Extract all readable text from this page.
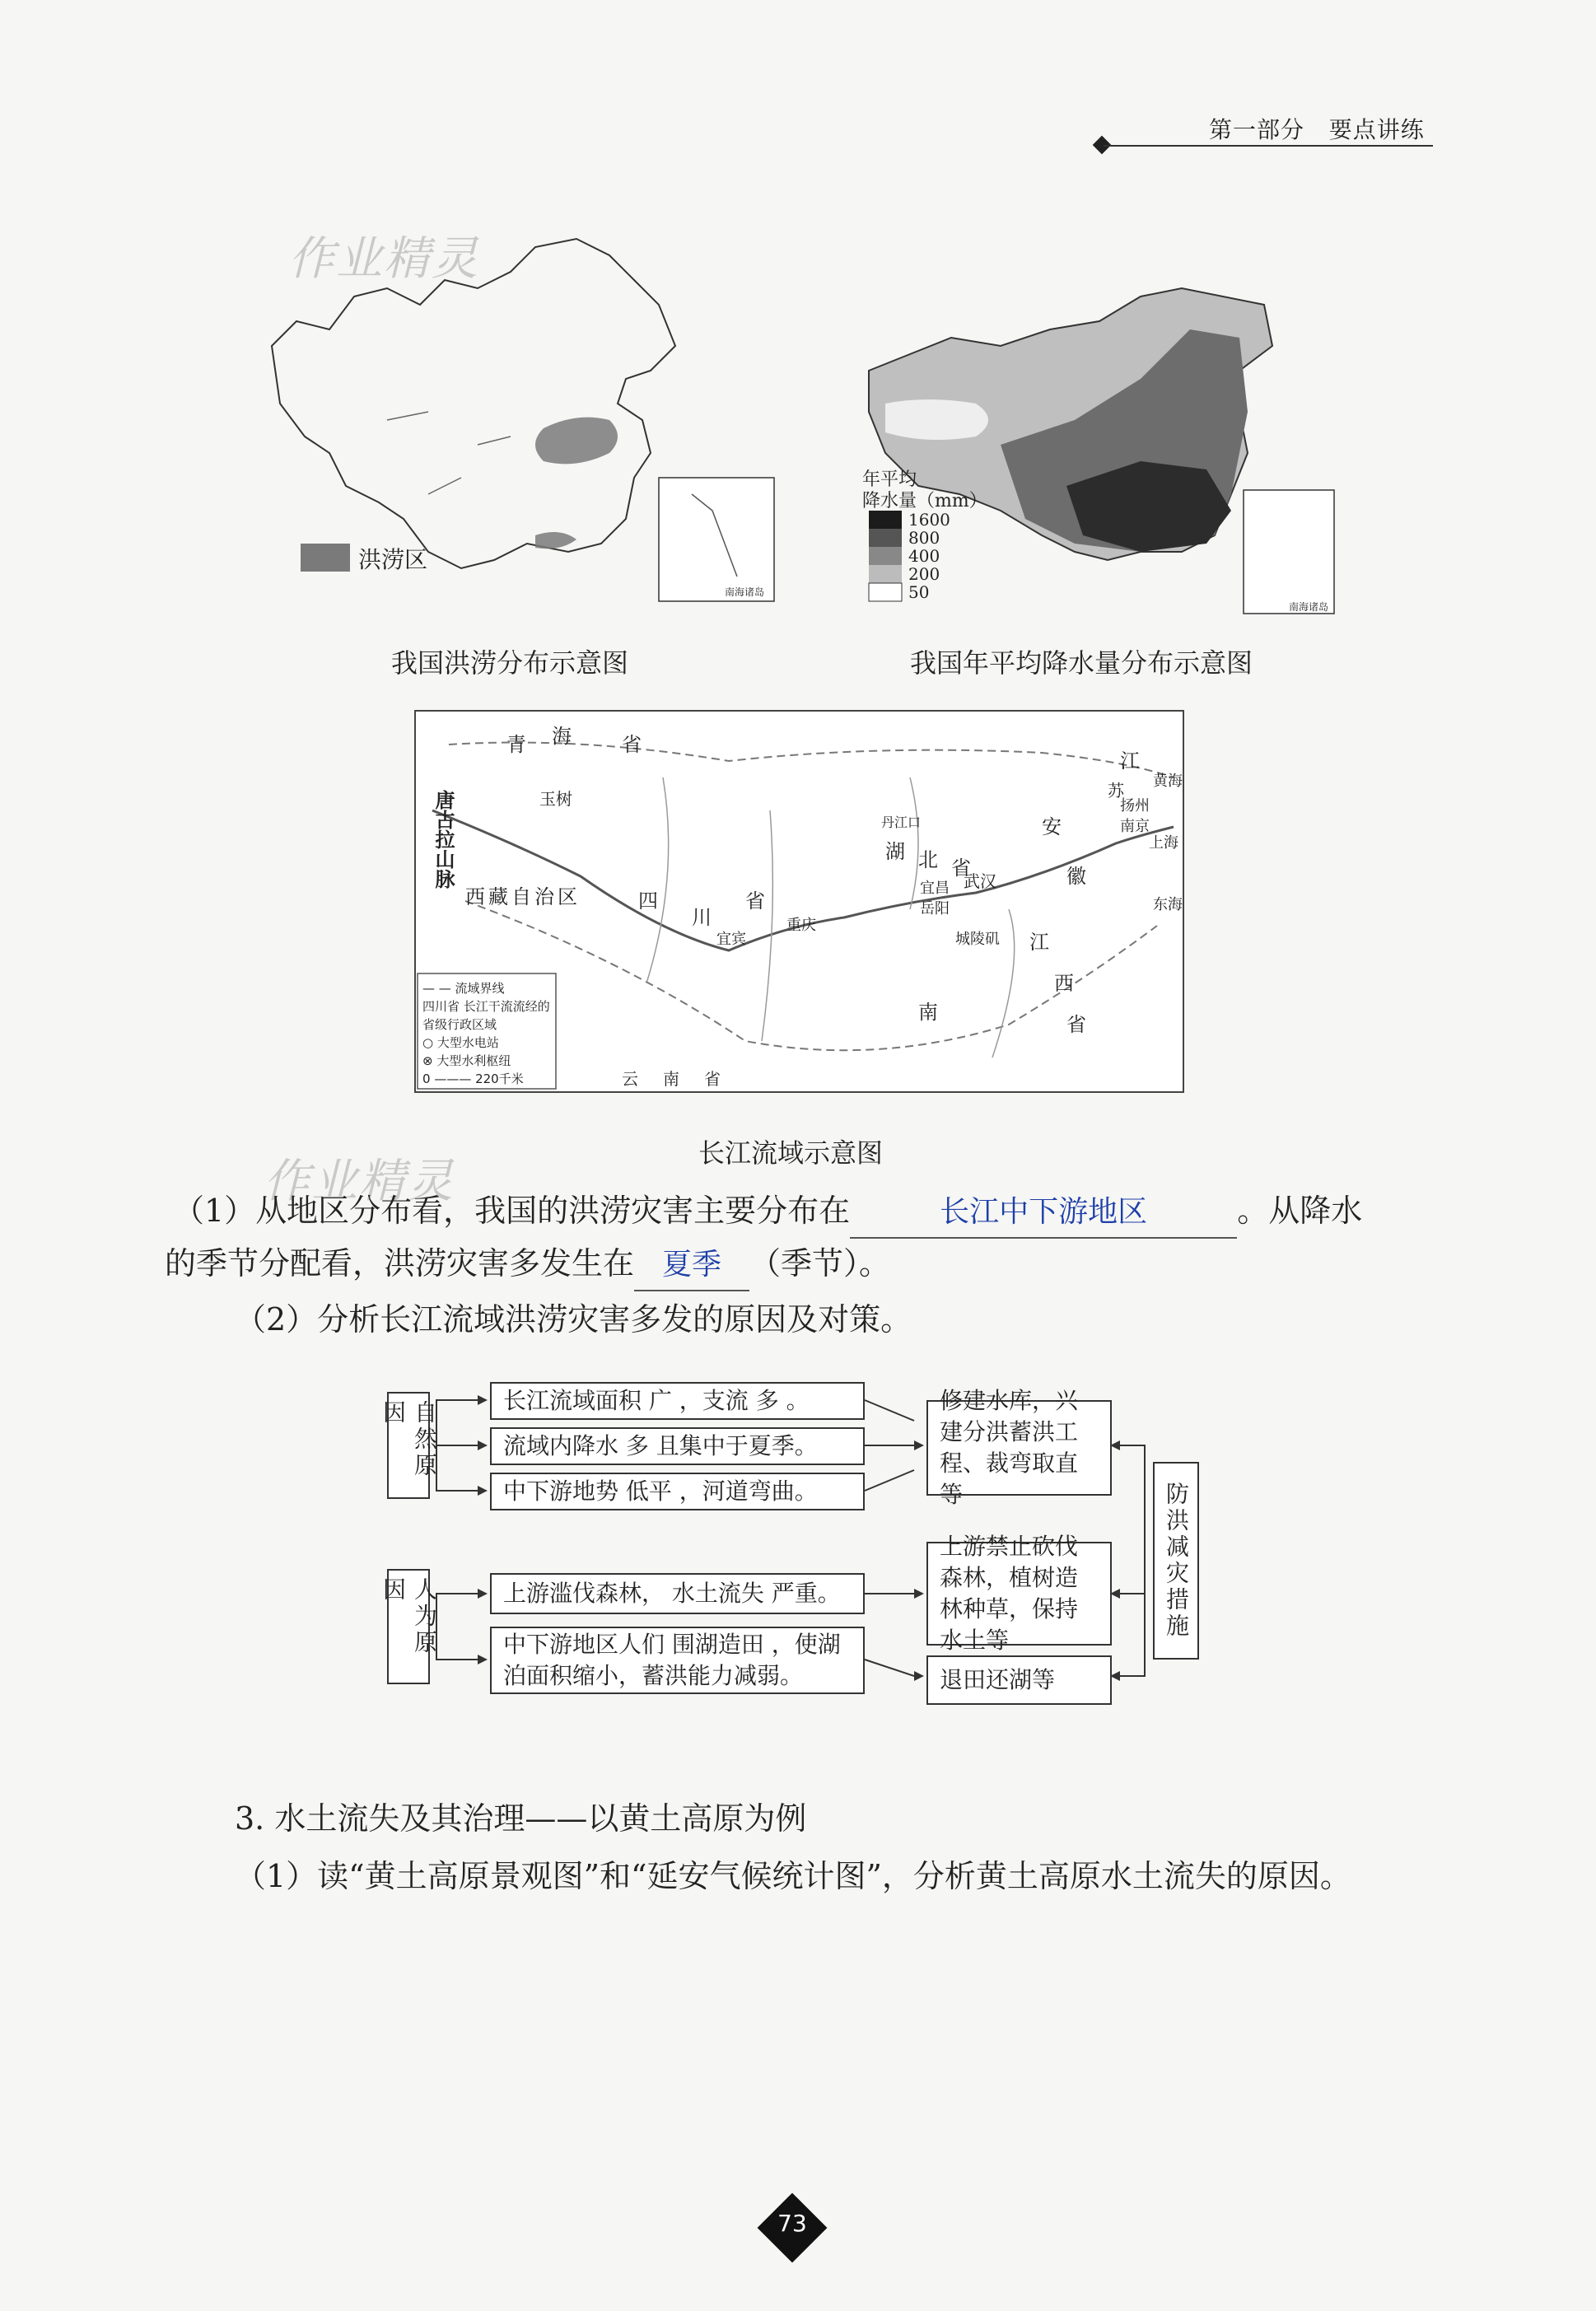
第一部分 要点讲练
作业精灵
作业精灵
洪涝区
南海诸岛
我国洪涝分布示意图
年平均
降水量（mm）
1600
800
400
200
50
南海诸岛
我国年平均降水量分布示意图
唐古拉山脉	玉树
西藏自治区
青 海	省
四
川
省
重庆
宜宾
湖 北 省
武汉
宜昌
岳阳
城陵矶
南
江
西
省
安
徽
江
苏
南京
扬州
上海
黄海
东海
云 南 省
丹江口
— — 流域界线
四川省 长江干流流经的省级行政区域
○ 大型水电站
⊗ 大型水利枢纽
0 ——— 220千米
长江流域示意图
（1）从地区分布看，我国的洪涝灾害主要分布在	长江中下游地区	。从降水
的季节分配看，洪涝灾害多发生在 夏季 （季节）。
（2）分析长江流域洪涝灾害多发的原因及对策。
自然原因
人为原因
长江流域面积 广 ，支流 多 。
流域内降水 多 且集中于夏季。
中下游地势 低平 ，河道弯曲。
上游滥伐森林， 水土流失 严重。
中下游地区人们 围湖造田 ，使湖泊面积缩小，蓄洪能力减弱。
修建水库，兴建分洪蓄洪工程、裁弯取直等
上游禁止砍伐森林，植树造林种草，保持水土等
退田还湖等
防洪减灾措施
3. 水土流失及其治理——以黄土高原为例
（1）读“黄土高原景观图”和“延安气候统计图”，分析黄土高原水土流失的原因。
73
